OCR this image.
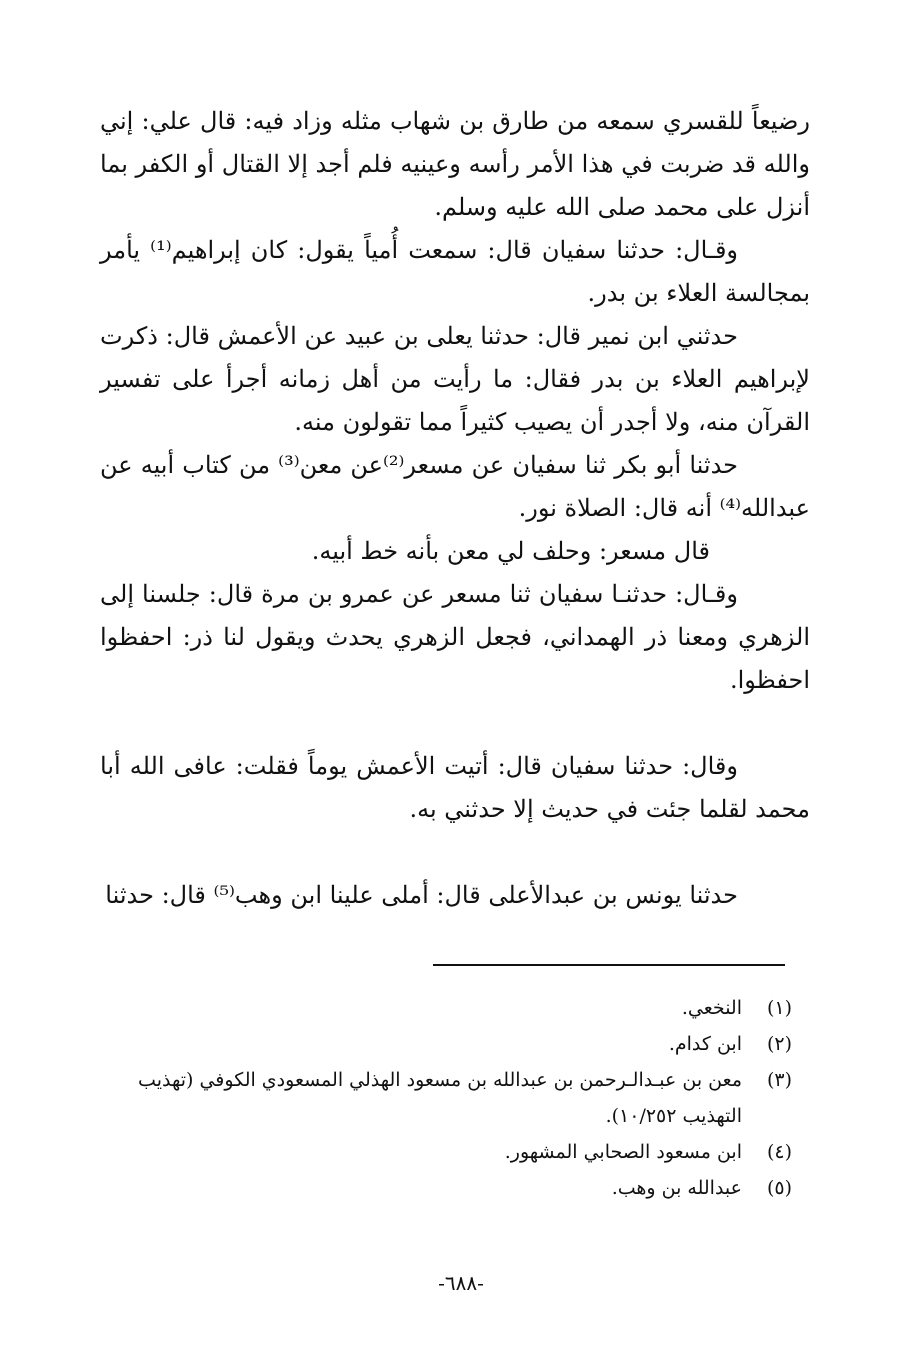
رضيعاً للقسري سمعه من طارق بن شهاب مثله وزاد فيه: قال علي: إني والله قد ضربت في هذا الأمر رأسه وعينيه فلم أجد إلا القتال أو الكفر بما أنزل على محمد صلى الله عليه وسلم.

وقـال: حدثنا سفيان قال: سمعت أُمياً يقول: كان إبراهيم⁽¹⁾ يأمر بمجالسة العلاء بن بدر.

حدثني ابن نمير قال: حدثنا يعلى بن عبيد عن الأعمش قال: ذكرت لإبراهيم العلاء بن بدر فقال: ما رأيت من أهل زمانه أجرأ على تفسير القرآن منه، ولا أجدر أن يصيب كثيراً مما تقولون منه.

حدثنا أبو بكر ثنا سفيان عن مسعر⁽²⁾عن معن⁽³⁾ من كتاب أبيه عن عبدالله⁽⁴⁾ أنه قال: الصلاة نور.

قال مسعر: وحلف لي معن بأنه خط أبيه.

وقـال: حدثنـا سفيان ثنا مسعر عن عمرو بن مرة قال: جلسنا إلى الزهري ومعنا ذر الهمداني، فجعل الزهري يحدث ويقول لنا ذر: احفظوا احفظوا.

وقال: حدثنا سفيان قال: أتيت الأعمش يوماً فقلت: عافى الله أبا محمد لقلما جئت في حديث إلا حدثني به.

حدثنا يونس بن عبدالأعلى قال: أملى علينا ابن وهب⁽⁵⁾ قال: حدثنا

(١)
النخعي.
(٢)
ابن كدام.
(٣)
معن بن عبـدالـرحمن بن عبدالله بن مسعود الهذلي المسعودي الكوفي (تهذيب التهذيب ١٠/٢٥٢).
(٤)
ابن مسعود الصحابي المشهور.
(٥)
عبدالله بن وهب.
-٦٨٨-
